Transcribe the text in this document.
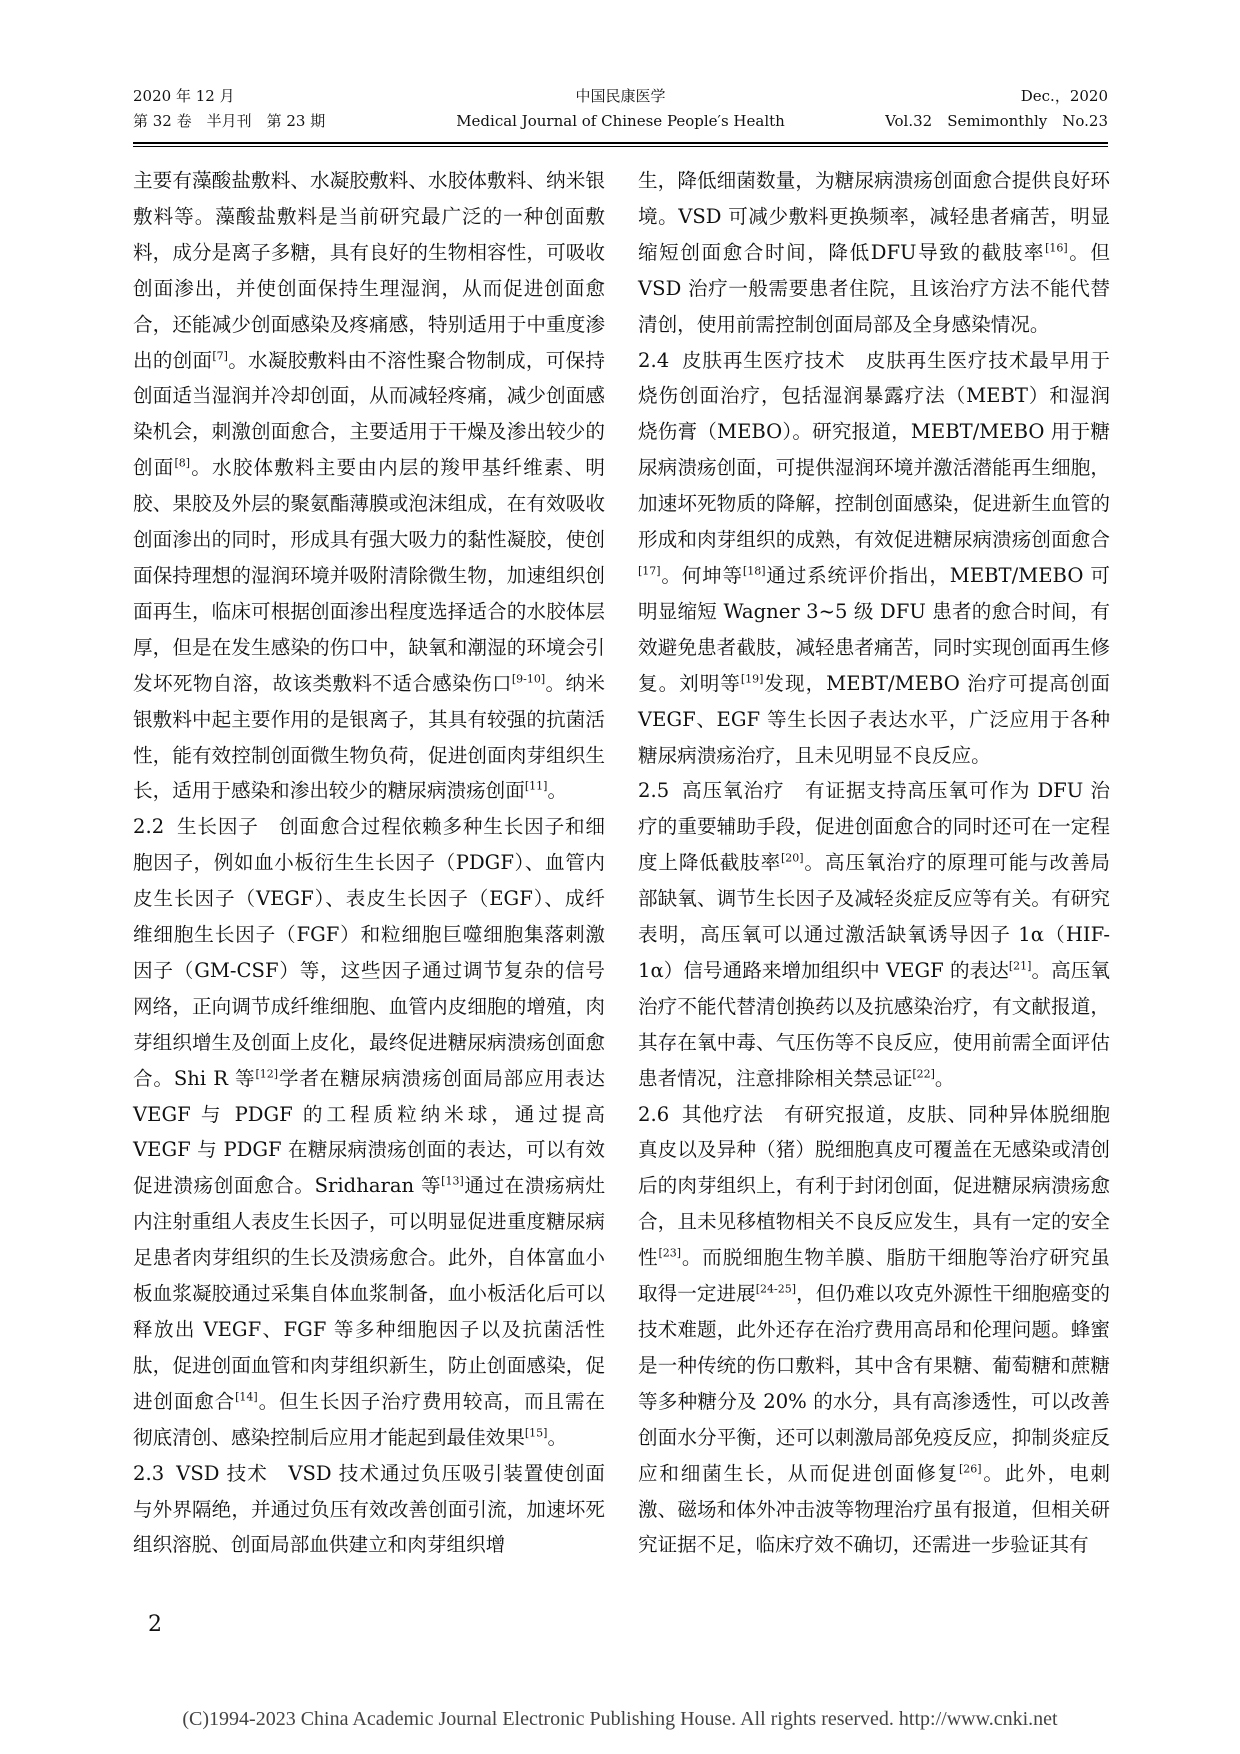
2020 年 12 月
第 32 卷　半月刊　第 23 期
中国民康医学
Medical Journal of Chinese People′s Health
Dec.，2020
Vol.32　Semimonthly　No.23

主要有藻酸盐敷料、水凝胶敷料、水胶体敷料、纳米银敷料等。藻酸盐敷料是当前研究最广泛的一种创面敷料，成分是离子多糖，具有良好的生物相容性，可吸收创面渗出，并使创面保持生理湿润，从而促进创面愈合，还能减少创面感染及疼痛感，特别适用于中重度渗出的创面[7]。水凝胶敷料由不溶性聚合物制成，可保持创面适当湿润并冷却创面，从而减轻疼痛，减少创面感染机会，刺激创面愈合，主要适用于干燥及渗出较少的创面[8]。水胶体敷料主要由内层的羧甲基纤维素、明胶、果胶及外层的聚氨酯薄膜或泡沫组成，在有效吸收创面渗出的同时，形成具有强大吸力的黏性凝胶，使创面保持理想的湿润环境并吸附清除微生物，加速组织创面再生，临床可根据创面渗出程度选择适合的水胶体层厚，但是在发生感染的伤口中，缺氧和潮湿的环境会引发坏死物自溶，故该类敷料不适合感染伤口[9-10]。纳米银敷料中起主要作用的是银离子，其具有较强的抗菌活性，能有效控制创面微生物负荷，促进创面肉芽组织生长，适用于感染和渗出较少的糖尿病溃疡创面[11]。

2.2 生长因子　创面愈合过程依赖多种生长因子和细胞因子，例如血小板衍生生长因子（PDGF）、血管内皮生长因子（VEGF）、表皮生长因子（EGF）、成纤维细胞生长因子（FGF）和粒细胞巨噬细胞集落刺激因子（GM-CSF）等，这些因子通过调节复杂的信号网络，正向调节成纤维细胞、血管内皮细胞的增殖，肉芽组织增生及创面上皮化，最终促进糖尿病溃疡创面愈合。Shi R 等[12]学者在糖尿病溃疡创面局部应用表达 VEGF 与 PDGF 的工程质粒纳米球，通过提高 VEGF 与 PDGF 在糖尿病溃疡创面的表达，可以有效促进溃疡创面愈合。Sridharan 等[13]通过在溃疡病灶内注射重组人表皮生长因子，可以明显促进重度糖尿病足患者肉芽组织的生长及溃疡愈合。此外，自体富血小板血浆凝胶通过采集自体血浆制备，血小板活化后可以释放出 VEGF、FGF 等多种细胞因子以及抗菌活性肽，促进创面血管和肉芽组织新生，防止创面感染，促进创面愈合[14]。但生长因子治疗费用较高，而且需在彻底清创、感染控制后应用才能起到最佳效果[15]。

2.3 VSD 技术　VSD 技术通过负压吸引装置使创面与外界隔绝，并通过负压有效改善创面引流，加速坏死组织溶脱、创面局部血供建立和肉芽组织增

生，降低细菌数量，为糖尿病溃疡创面愈合提供良好环境。VSD 可减少敷料更换频率，减轻患者痛苦，明显缩短创面愈合时间，降低DFU导致的截肢率[16]。但 VSD 治疗一般需要患者住院，且该治疗方法不能代替清创，使用前需控制创面局部及全身感染情况。

2.4 皮肤再生医疗技术　皮肤再生医疗技术最早用于烧伤创面治疗，包括湿润暴露疗法（MEBT）和湿润烧伤膏（MEBO）。研究报道，MEBT/MEBO 用于糖尿病溃疡创面，可提供湿润环境并激活潜能再生细胞，加速坏死物质的降解，控制创面感染，促进新生血管的形成和肉芽组织的成熟，有效促进糖尿病溃疡创面愈合[17]。何坤等[18]通过系统评价指出，MEBT/MEBO 可明显缩短 Wagner 3~5 级 DFU 患者的愈合时间，有效避免患者截肢，减轻患者痛苦，同时实现创面再生修复。刘明等[19]发现，MEBT/MEBO 治疗可提高创面 VEGF、EGF 等生长因子表达水平，广泛应用于各种糖尿病溃疡治疗，且未见明显不良反应。

2.5 高压氧治疗　有证据支持高压氧可作为 DFU 治疗的重要辅助手段，促进创面愈合的同时还可在一定程度上降低截肢率[20]。高压氧治疗的原理可能与改善局部缺氧、调节生长因子及减轻炎症反应等有关。有研究表明，高压氧可以通过激活缺氧诱导因子 1α（HIF-1α）信号通路来增加组织中 VEGF 的表达[21]。高压氧治疗不能代替清创换药以及抗感染治疗，有文献报道，其存在氧中毒、气压伤等不良反应，使用前需全面评估患者情况，注意排除相关禁忌证[22]。

2.6 其他疗法　有研究报道，皮肤、同种异体脱细胞真皮以及异种（猪）脱细胞真皮可覆盖在无感染或清创后的肉芽组织上，有利于封闭创面，促进糖尿病溃疡愈合，且未见移植物相关不良反应发生，具有一定的安全性[23]。而脱细胞生物羊膜、脂肪干细胞等治疗研究虽取得一定进展[24-25]，但仍难以攻克外源性干细胞癌变的技术难题，此外还存在治疗费用高昂和伦理问题。蜂蜜是一种传统的伤口敷料，其中含有果糖、葡萄糖和蔗糖等多种糖分及 20% 的水分，具有高渗透性，可以改善创面水分平衡，还可以刺激局部免疫反应，抑制炎症反应和细菌生长，从而促进创面修复[26]。此外，电刺激、磁场和体外冲击波等物理治疗虽有报道，但相关研究证据不足，临床疗效不确切，还需进一步验证其有

2
(C)1994-2023 China Academic Journal Electronic Publishing House. All rights reserved. http://www.cnki.net
